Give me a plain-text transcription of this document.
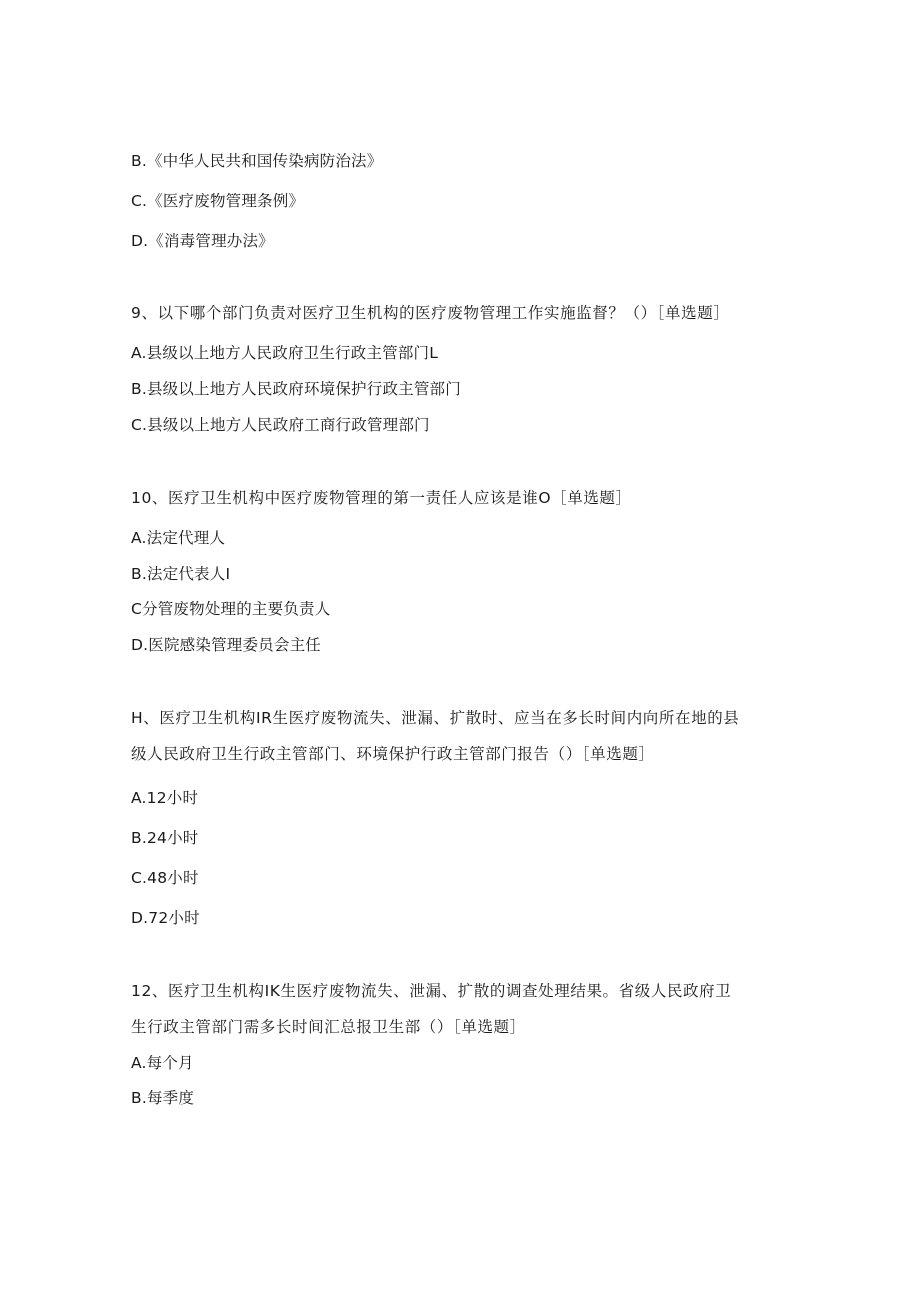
B.《中华人民共和国传染病防治法》

C.《医疗废物管理条例》

D.《消毒管理办法》

9、以下哪个部门负责对医疗卫生机构的医疗废物管理工作实施监督？（）［单选题］

A.县级以上地方人民政府卫生行政主管部门L

B.县级以上地方人民政府环境保护行政主管部门

C.县级以上地方人民政府工商行政管理部门

10、医疗卫生机构中医疗废物管理的第一责任人应该是谁O［单选题］

A.法定代理人

B.法定代表人I

C分管废物处理的主要负责人

D.医院感染管理委员会主任

H、医疗卫生机构IR生医疗废物流失、泄漏、扩散时、应当在多长时间内向所在地的县

级人民政府卫生行政主管部门、环境保护行政主管部门报告（）［单选题］

A.12小时

B.24小时

C.48小时

D.72小时

12、医疗卫生机构IK生医疗废物流失、泄漏、扩散的调查处理结果。省级人民政府卫

生行政主管部门需多长时间汇总报卫生部（）［单选题］

A.每个月

B.每季度
